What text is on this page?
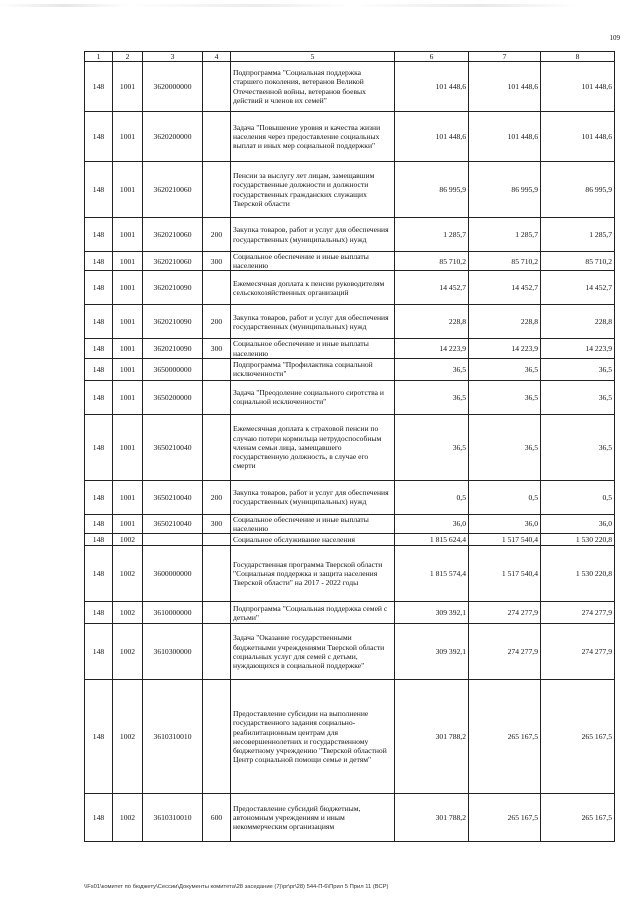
109
1	2	3	4	5	6	7	8
148	1001	3620000000		Подпрограмма "Социальная поддержка старшего поколения, ветеранов Великой Отечественной войны, ветеранов боевых действий и членов их семей"	101 448,6	101 448,6	101 448,6
148	1001	3620200000		Задача "Повышение уровня и качества жизни населения через предоставление социальных выплат и иных мер социальной поддержки"	101 448,6	101 448,6	101 448,6
148	1001	3620210060		Пенсии за выслугу лет лицам, замещавшим государственные должности и должности государственных гражданских служащих Тверской области	86 995,9	86 995,9	86 995,9
148	1001	3620210060	200	Закупка товаров, работ и услуг для обеспечения государственных (муниципальных) нужд	1 285,7	1 285,7	1 285,7
148	1001	3620210060	300	Социальное обеспечение и иные выплаты населению	85 710,2	85 710,2	85 710,2
148	1001	3620210090		Ежемесячная доплата к пенсии руководителям сельскохозяйственных организаций	14 452,7	14 452,7	14 452,7
148	1001	3620210090	200	Закупка товаров, работ и услуг для обеспечения государственных (муниципальных) нужд	228,8	228,8	228,8
148	1001	3620210090	300	Социальное обеспечение и иные выплаты населению	14 223,9	14 223,9	14 223,9
148	1001	3650000000		Подпрограмма "Профилактика социальной исключенности"	36,5	36,5	36,5
148	1001	3650200000		Задача "Преодоление социального сиротства и социальной исключенности"	36,5	36,5	36,5
148	1001	3650210040		Ежемесячная доплата к страховой пенсии по случаю потери кормильца нетрудоспособным членам семьи лица, замещавшего государственную должность, в случае его смерти	36,5	36,5	36,5
148	1001	3650210040	200	Закупка товаров, работ и услуг для обеспечения государственных (муниципальных) нужд	0,5	0,5	0,5
148	1001	3650210040	300	Социальное обеспечение и иные выплаты населению	36,0	36,0	36,0
148	1002			Социальное обслуживание населения	1 815 624,4	1 517 540,4	1 530 220,8
148	1002	3600000000		Государственная программа Тверской области "Социальная поддержка и защита населения Тверской области" на 2017 - 2022 годы	1 815 574,4	1 517 540,4	1 530 220,8
148	1002	3610000000		Подпрограмма "Социальная поддержка семей с детьми"	309 392,1	274 277,9	274 277,9
148	1002	3610300000		Задача "Оказание государственными бюджетными учреждениями Тверской области социальных услуг для семей с детьми, нуждающихся в социальной поддержке"	309 392,1	274 277,9	274 277,9
148	1002	3610310010		Предоставление субсидии на выполнение государственного задания социально-реабилитационным центрам для несовершеннолетних и государственному бюджетному учреждению "Тверской областной Центр социальной помощи семье и детям"	301 788,2	265 167,5	265 167,5
148	1002	3610310010	600	Предоставление субсидий бюджетным, автономным учреждениям и иным некоммерческим организациям	301 788,2	265 167,5	265 167,5
\\Fs01\комитет по бюджету\Сессии\Документы комитета\28 заседание (7)\pr\pr\28) 544-П-6\Прил 5 Прил 11 (ВСР)
